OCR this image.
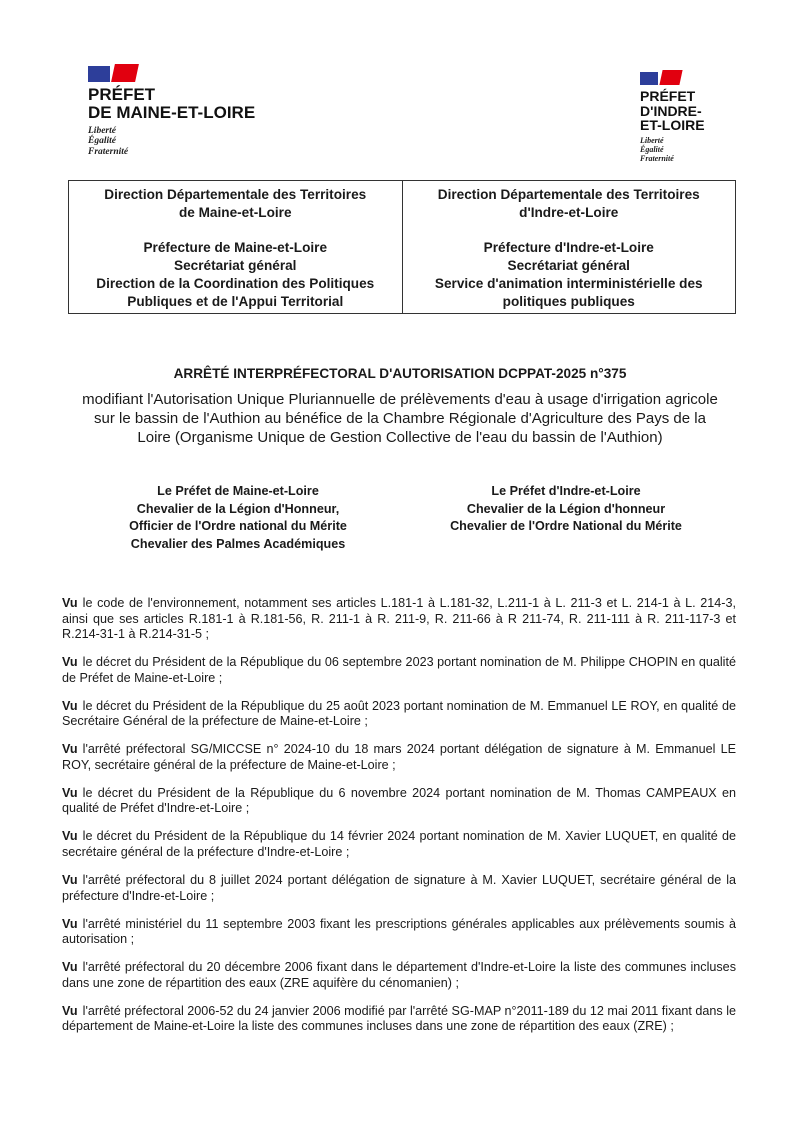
PRÉFET
DE MAINE-ET-LOIRE
Liberté
Égalité
Fraternité
PRÉFET
D'INDRE-
ET-LOIRE
Liberté
Égalité
Fraternité
Direction Départementale des Territoires
de Maine-et-Loire
Préfecture de Maine-et-Loire
Secrétariat général
Direction de la Coordination des Politiques
Publiques et de l'Appui Territorial
Direction Départementale des Territoires
d'Indre-et-Loire
Préfecture d'Indre-et-Loire
Secrétariat général
Service d'animation interministérielle des
politiques publiques
ARRÊTÉ INTERPRÉFECTORAL D'AUTORISATION DCPPAT-2025 n°375
modifiant l'Autorisation Unique Pluriannuelle de prélèvements d'eau à usage d'irrigation agricole sur le bassin de l'Authion au bénéfice de la Chambre Régionale d'Agriculture des Pays de la Loire (Organisme Unique de Gestion Collective de l'eau du bassin de l'Authion)
Le Préfet de Maine-et-Loire
Chevalier de la Légion d'Honneur,
Officier de l'Ordre national du Mérite
Chevalier des Palmes Académiques
Le Préfet d'Indre-et-Loire
Chevalier de la Légion d'honneur
Chevalier de l'Ordre National du Mérite

Vu le code de l'environnement, notamment ses articles L.181-1 à L.181-32, L.211-1 à L. 211-3 et L. 214-1 à L. 214-3, ainsi que ses articles R.181-1 à R.181-56, R. 211-1 à R. 211-9, R. 211-66 à R 211-74, R. 211-111 à R. 211-117-3 et R.214-31-1 à R.214-31-5 ;

Vu le décret du Président de la République du 06 septembre 2023 portant nomination de M. Philippe CHOPIN en qualité de Préfet de Maine-et-Loire ;

Vu le décret du Président de la République du 25 août 2023 portant nomination de M. Emmanuel LE ROY, en qualité de Secrétaire Général de la préfecture de Maine-et-Loire ;

Vu l'arrêté préfectoral SG/MICCSE n° 2024-10 du 18 mars 2024 portant délégation de signature à M. Emmanuel LE ROY, secrétaire général de la préfecture de Maine-et-Loire ;

Vu le décret du Président de la République du 6 novembre 2024 portant nomination de M. Thomas CAMPEAUX en qualité de Préfet d'Indre-et-Loire ;

Vu le décret du Président de la République du 14 février 2024 portant nomination de M. Xavier LUQUET, en qualité de secrétaire général de la préfecture d'Indre-et-Loire ;

Vu l'arrêté préfectoral du 8 juillet 2024 portant délégation de signature à M. Xavier LUQUET, secrétaire général de la préfecture d'Indre-et-Loire ;

Vu l'arrêté ministériel du 11 septembre 2003 fixant les prescriptions générales applicables aux prélèvements soumis à autorisation ;

Vu l'arrêté préfectoral du 20 décembre 2006 fixant dans le département d'Indre-et-Loire la liste des communes incluses dans une zone de répartition des eaux (ZRE aquifère du cénomanien) ;

Vu l'arrêté préfectoral 2006-52 du 24 janvier 2006 modifié par l'arrêté SG-MAP n°2011-189 du 12 mai 2011 fixant dans le département de Maine-et-Loire la liste des communes incluses dans une zone de répartition des eaux (ZRE) ;
